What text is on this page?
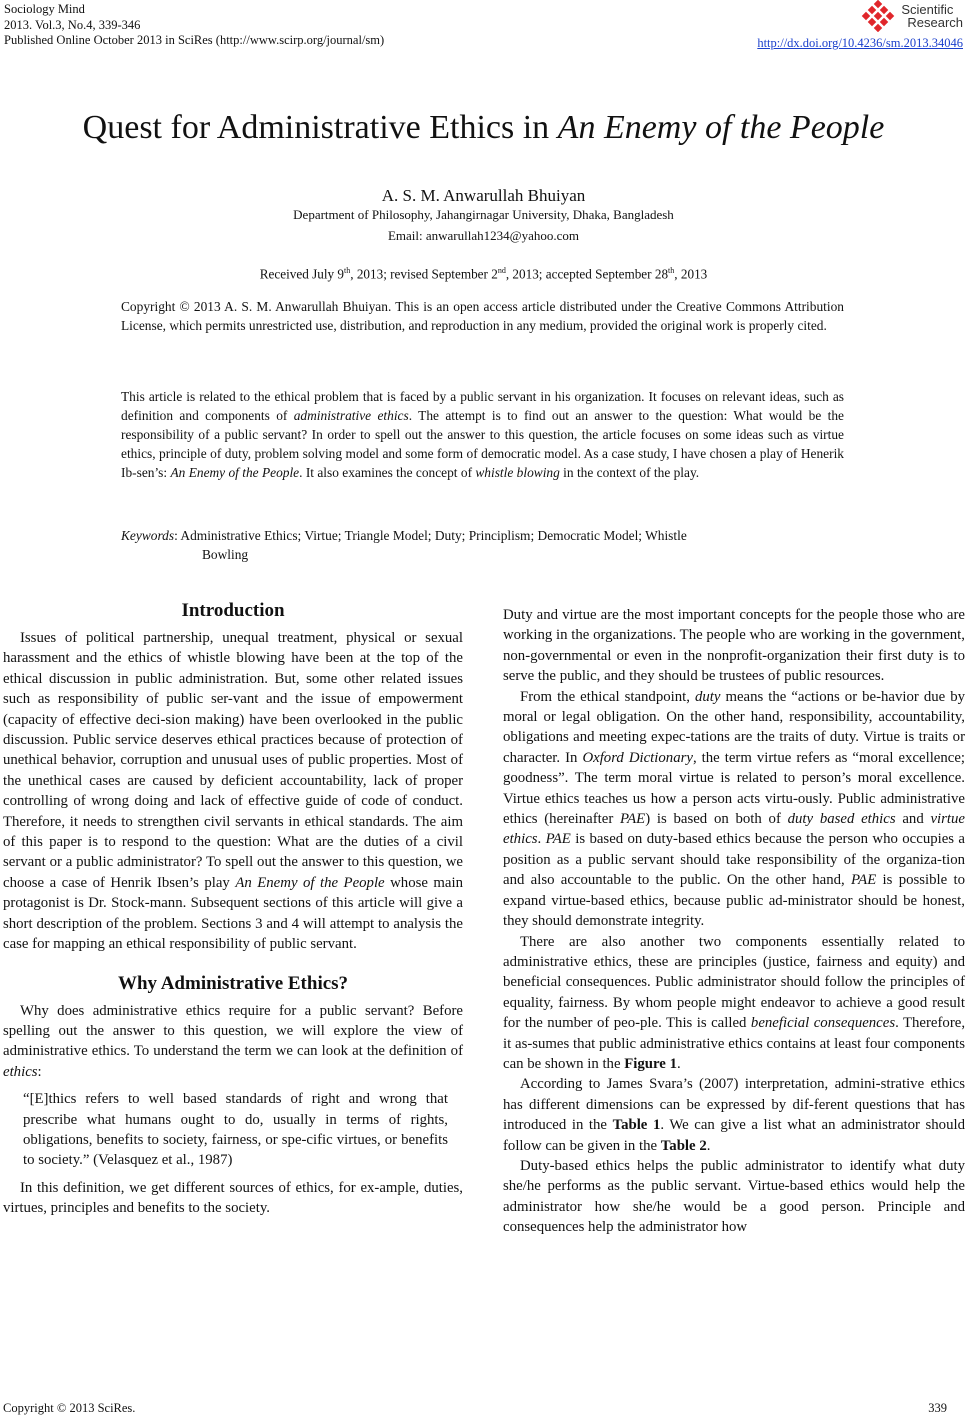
Sociology Mind
2013. Vol.3, No.4, 339-346
Published Online October 2013 in SciRes (http://www.scirp.org/journal/sm)	http://dx.doi.org/10.4236/sm.2013.34046
Scientific
Research
Quest for Administrative Ethics in An Enemy of the People
A. S. M. Anwarullah Bhuiyan
Department of Philosophy, Jahangirnagar University, Dhaka, Bangladesh
Email: anwarullah1234@yahoo.com
Received July 9th, 2013; revised September 2nd, 2013; accepted September 28th, 2013
Copyright © 2013 A. S. M. Anwarullah Bhuiyan. This is an open access article distributed under the Creative Commons Attribution License, which permits unrestricted use, distribution, and reproduction in any medium, provided the original work is properly cited.
This article is related to the ethical problem that is faced by a public servant in his organization. It focuses on relevant ideas, such as definition and components of administrative ethics. The attempt is to find out an answer to the question: What would be the responsibility of a public servant? In order to spell out the answer to this question, the article focuses on some ideas such as virtue ethics, principle of duty, problem solving model and some form of democratic model. As a case study, I have chosen a play of Henerik Ib-sen’s: An Enemy of the People. It also examines the concept of whistle blowing in the context of the play.
Keywords: Administrative Ethics; Virtue; Triangle Model; Duty; Principlism; Democratic Model; Whistle
Bowling
Introduction

Issues of political partnership, unequal treatment, physical or sexual harassment and the ethics of whistle blowing have been at the top of the ethical discussion in public administration. But, some other related issues such as responsibility of public ser-vant and the issue of empowerment (capacity of effective deci-sion making) have been overlooked in the public discussion. Public service deserves ethical practices because of protection of unethical behavior, corruption and unusual uses of public properties. Most of the unethical cases are caused by deficient accountability, lack of proper controlling of wrong doing and lack of effective guide of code of conduct. Therefore, it needs to strengthen civil servants in ethical standards. The aim of this paper is to respond to the question: What are the duties of a civil servant or a public administrator? To spell out the answer to this question, we choose a case of Henrik Ibsen’s play An Enemy of the People whose main protagonist is Dr. Stock-mann. Subsequent sections of this article will give a short description of the problem. Sections 3 and 4 will attempt to analysis the case for mapping an ethical responsibility of public servant.

Why Administrative Ethics?

Why does administrative ethics require for a public servant? Before spelling out the answer to this question, we will explore the view of administrative ethics. To understand the term we can look at the definition of ethics:

“[E]thics refers to well based standards of right and wrong that prescribe what humans ought to do, usually in terms of rights, obligations, benefits to society, fairness, or spe-cific virtues, or benefits to society.” (Velasquez et al., 1987)

In this definition, we get different sources of ethics, for ex-ample, duties, virtues, principles and benefits to the society.

Duty and virtue are the most important concepts for the people those who are working in the organizations. The people who are working in the government, non-governmental or even in the nonprofit-organization their first duty is to serve the public, and they should be trustees of public resources.

From the ethical standpoint, duty means the “actions or be-havior due by moral or legal obligation. On the other hand, responsibility, accountability, obligations and meeting expec-tations are the traits of duty. Virtue is traits or character. In Oxford Dictionary, the term virtue refers as “moral excellence; goodness”. The term moral virtue is related to person’s moral excellence. Virtue ethics teaches us how a person acts virtu-ously. Public administrative ethics (hereinafter PAE) is based on both of duty based ethics and virtue ethics. PAE is based on duty-based ethics because the person who occupies a position as a public servant should take responsibility of the organiza-tion and also accountable to the public. On the other hand, PAE is possible to expand virtue-based ethics, because public ad-ministrator should be honest, they should demonstrate integrity.

There are also another two components essentially related to administrative ethics, these are principles (justice, fairness and equity) and beneficial consequences. Public administrator should follow the principles of equality, fairness. By whom people might endeavor to achieve a good result for the number of peo-ple. This is called beneficial consequences. Therefore, it as-sumes that public administrative ethics contains at least four components can be shown in the Figure 1.

According to James Svara’s (2007) interpretation, admini-strative ethics has different dimensions can be expressed by dif-ferent questions that has introduced in the Table 1. We can give a list what an administrator should follow can be given in the Table 2.

Duty-based ethics helps the public administrator to identify what duty she/he performs as the public servant. Virtue-based ethics would help the administrator how she/he would be a good person. Principle and consequences help the administrator how

Copyright © 2013 SciRes.	339
